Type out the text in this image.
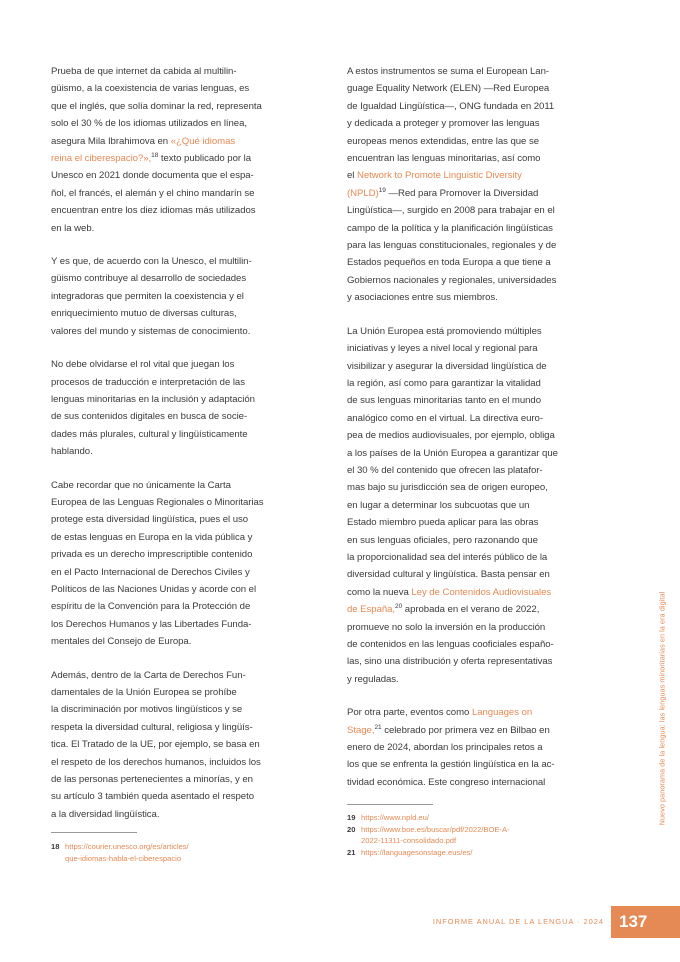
Prueba de que internet da cabida al multilin-
güismo, a la coexistencia de varias lenguas, es
que el inglés, que solía dominar la red, representa
solo el 30 % de los idiomas utilizados en línea,
asegura Mila Ibrahimova en «¿Qué idiomas
reina el ciberespacio?»,$^{18}$ texto publicado por la
Unesco en 2021 donde documenta que el espa-
ñol, el francés, el alemán y el chino mandarín se
encuentran entre los diez idiomas más utilizados
en la web.

Y es que, de acuerdo con la Unesco, el multilin-
güismo contribuye al desarrollo de sociedades
integradoras que permiten la coexistencia y el
enriquecimiento mutuo de diversas culturas,
valores del mundo y sistemas de conocimiento.

No debe olvidarse el rol vital que juegan los
procesos de traducción e interpretación de las
lenguas minoritarias en la inclusión y adaptación
de sus contenidos digitales en busca de socie-
dades más plurales, cultural y lingüísticamente
hablando.

Cabe recordar que no únicamente la Carta
Europea de las Lenguas Regionales o Minoritarias
protege esta diversidad lingüística, pues el uso
de estas lenguas en Europa en la vida pública y
privada es un derecho imprescriptible contenido
en el Pacto Internacional de Derechos Civiles y
Políticos de las Naciones Unidas y acorde con el
espíritu de la Convención para la Protección de
los Derechos Humanos y las Libertades Funda-
mentales del Consejo de Europa.

Además, dentro de la Carta de Derechos Fun-
damentales de la Unión Europea se prohíbe
la discriminación por motivos lingüísticos y se
respeta la diversidad cultural, religiosa y lingüís-
tica. El Tratado de la UE, por ejemplo, se basa en
el respeto de los derechos humanos, incluidos los
de las personas pertenecientes a minorías, y en
su artículo 3 también queda asentado el respeto
a la diversidad lingüística.

18 https://courier.unesco.org/es/articles/
que-idiomas-habla-el-ciberespacio

A estos instrumentos se suma el European Lan-
guage Equality Network (ELEN) —Red Europea
de Igualdad Lingüística—, ONG fundada en 2011
y dedicada a proteger y promover las lenguas
europeas menos extendidas, entre las que se
encuentran las lenguas minoritarias, así como
el Network to Promote Linguistic Diversity
(NPLD)$^{19}$ —Red para Promover la Diversidad
Lingüística—, surgido en 2008 para trabajar en el
campo de la política y la planificación lingüísticas
para las lenguas constitucionales, regionales y de
Estados pequeños en toda Europa a que tiene a
Gobiernos nacionales y regionales, universidades
y asociaciones entre sus miembros.

La Unión Europea está promoviendo múltiples
iniciativas y leyes a nivel local y regional para
visibilizar y asegurar la diversidad lingüística de
la región, así como para garantizar la vitalidad
de sus lenguas minoritarias tanto en el mundo
analógico como en el virtual. La directiva euro-
pea de medios audiovisuales, por ejemplo, obliga
a los países de la Unión Europea a garantizar que
el 30 % del contenido que ofrecen las platafor-
mas bajo su jurisdicción sea de origen europeo,
en lugar a determinar los subcuotas que un
Estado miembro pueda aplicar para las obras
en sus lenguas oficiales, pero razonando que
la proporcionalidad sea del interés público de la
diversidad cultural y lingüística. Basta pensar en
como la nueva Ley de Contenidos Audiovisuales
de España,$^{20}$ aprobada en el verano de 2022,
promueve no solo la inversión en la producción
de contenidos en las lenguas cooficiales españo-
las, sino una distribución y oferta representativas
y reguladas.

Por otra parte, eventos como Languages on
Stage,$^{21}$ celebrado por primera vez en Bilbao en
enero de 2024, abordan los principales retos a
los que se enfrenta la gestión lingüística en la ac-
tividad económica. Este congreso internacional

19 https://www.npld.eu/
20 https://www.boe.es/buscar/pdf/2022/BOE-A-
2022-11311-consolidado.pdf
21 https://languagesonstage.eus/es/
Nuevo panorama de la lengua: las lenguas minoritarias en la era digital
INFORME ANUAL DE LA LENGUA · 2024 137
